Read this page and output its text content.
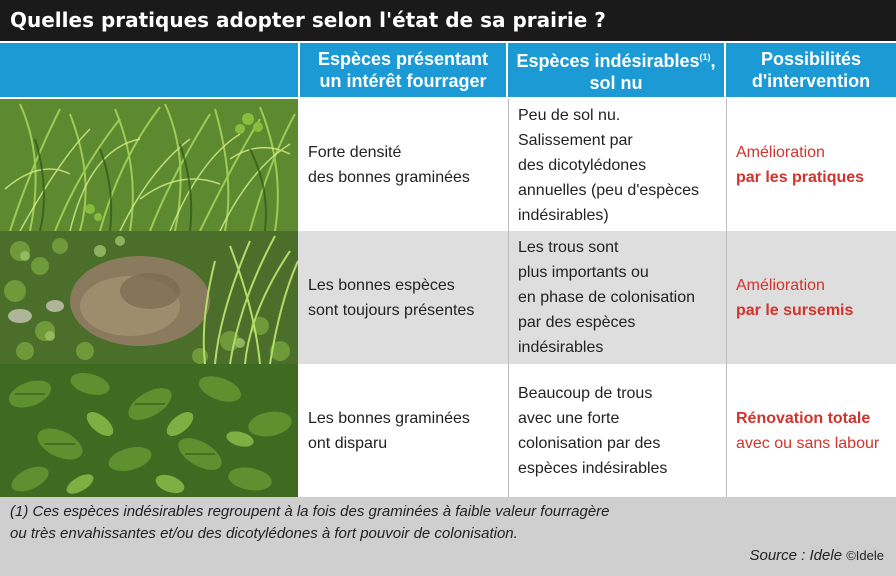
Quelles pratiques adopter selon l'état de sa prairie ?
Espèces présentant
un intérêt fourrager
Espèces indésirables$^{(1)}$,
sol nu
Possibilités
d'intervention
Forte densité
des bonnes graminées
Peu de sol nu.
Salissement par
des dicotylédones
annuelles (peu d'espèces
indésirables)
Amélioration
par les pratiques
Les bonnes espèces
sont toujours présentes
Les trous sont
plus importants ou
en phase de colonisation
par des espèces
indésirables
Amélioration
par le sursemis
Les bonnes graminées
ont disparu
Beaucoup de trous
avec une forte
colonisation par des
espèces indésirables
Rénovation totale
avec ou sans labour
(1) Ces espèces indésirables regroupent à la fois des graminées à faible valeur fourragère
ou très envahissantes et/ou des dicotylédones à fort pouvoir de colonisation.
Source : Idele ©Idele
